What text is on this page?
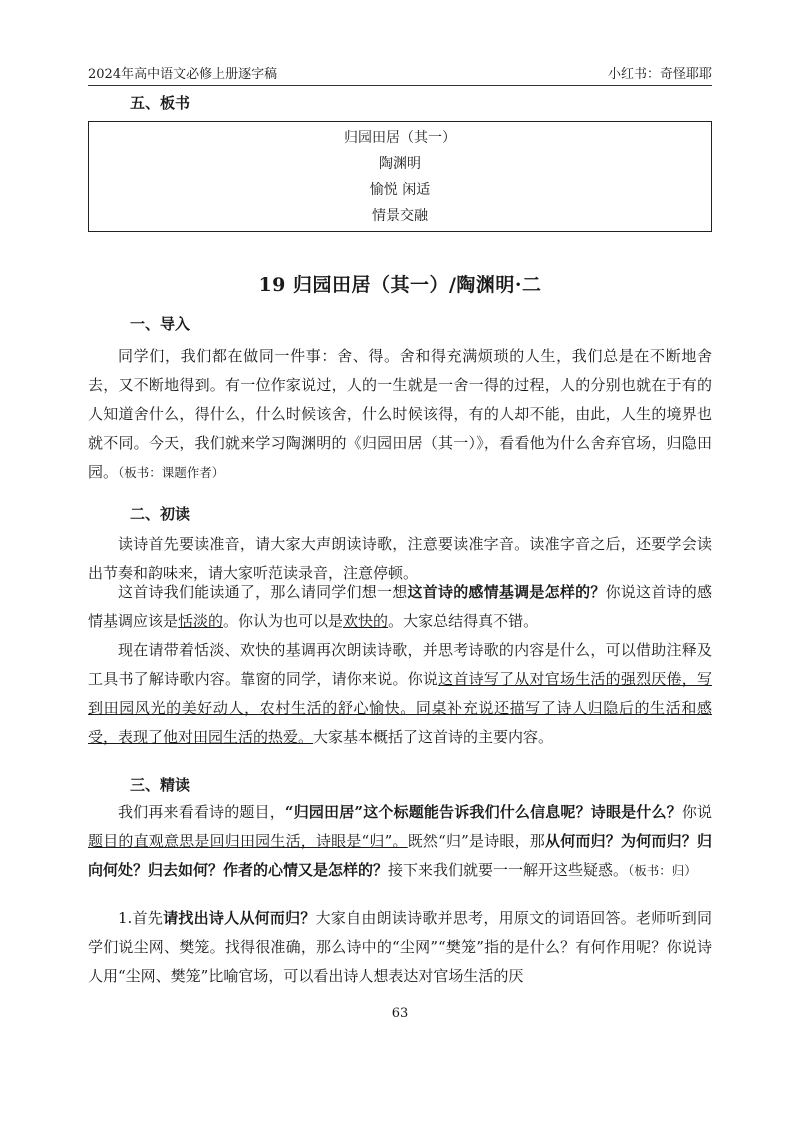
2024年高中语文必修上册逐字稿	小红书：奇怪耶耶
五、板书
归园田居（其一）
陶渊明
愉悦 闲适
情景交融
19 归园田居（其一）/陶渊明·二
一、导入

同学们，我们都在做同一件事：舍、得。舍和得充满烦琐的人生，我们总是在不断地舍去，又不断地得到。有一位作家说过，人的一生就是一舍一得的过程，人的分别也就在于有的人知道舍什么，得什么，什么时候该舍，什么时候该得，有的人却不能，由此，人生的境界也就不同。今天，我们就来学习陶渊明的《归园田居（其一）》，看看他为什么舍弃官场，归隐田园。（板书：课题作者）

二、初读

读诗首先要读准音，请大家大声朗读诗歌，注意要读准字音。读准字音之后，还要学会读出节奏和韵味来，请大家听范读录音，注意停顿。

这首诗我们能读通了，那么请同学们想一想这首诗的感情基调是怎样的？你说这首诗的感情基调应该是恬淡的。你认为也可以是欢快的。大家总结得真不错。

现在请带着恬淡、欢快的基调再次朗读诗歌，并思考诗歌的内容是什么，可以借助注释及工具书了解诗歌内容。靠窗的同学，请你来说。你说这首诗写了从对官场生活的强烈厌倦，写到田园风光的美好动人，农村生活的舒心愉快。同桌补充说还描写了诗人归隐后的生活和感受，表现了他对田园生活的热爱。大家基本概括了这首诗的主要内容。

三、精读

我们再来看看诗的题目，“归园田居”这个标题能告诉我们什么信息呢？诗眼是什么？你说题目的直观意思是回归田园生活，诗眼是“归”。既然“归”是诗眼，那从何而归？为何而归？归向何处？归去如何？作者的心情又是怎样的？接下来我们就要一一解开这些疑惑。（板书：归）

1.首先请找出诗人从何而归？大家自由朗读诗歌并思考，用原文的词语回答。老师听到同学们说尘网、樊笼。找得很准确，那么诗中的“尘网”“樊笼”指的是什么？有何作用呢？你说诗人用“尘网、樊笼”比喻官场，可以看出诗人想表达对官场生活的厌

63
